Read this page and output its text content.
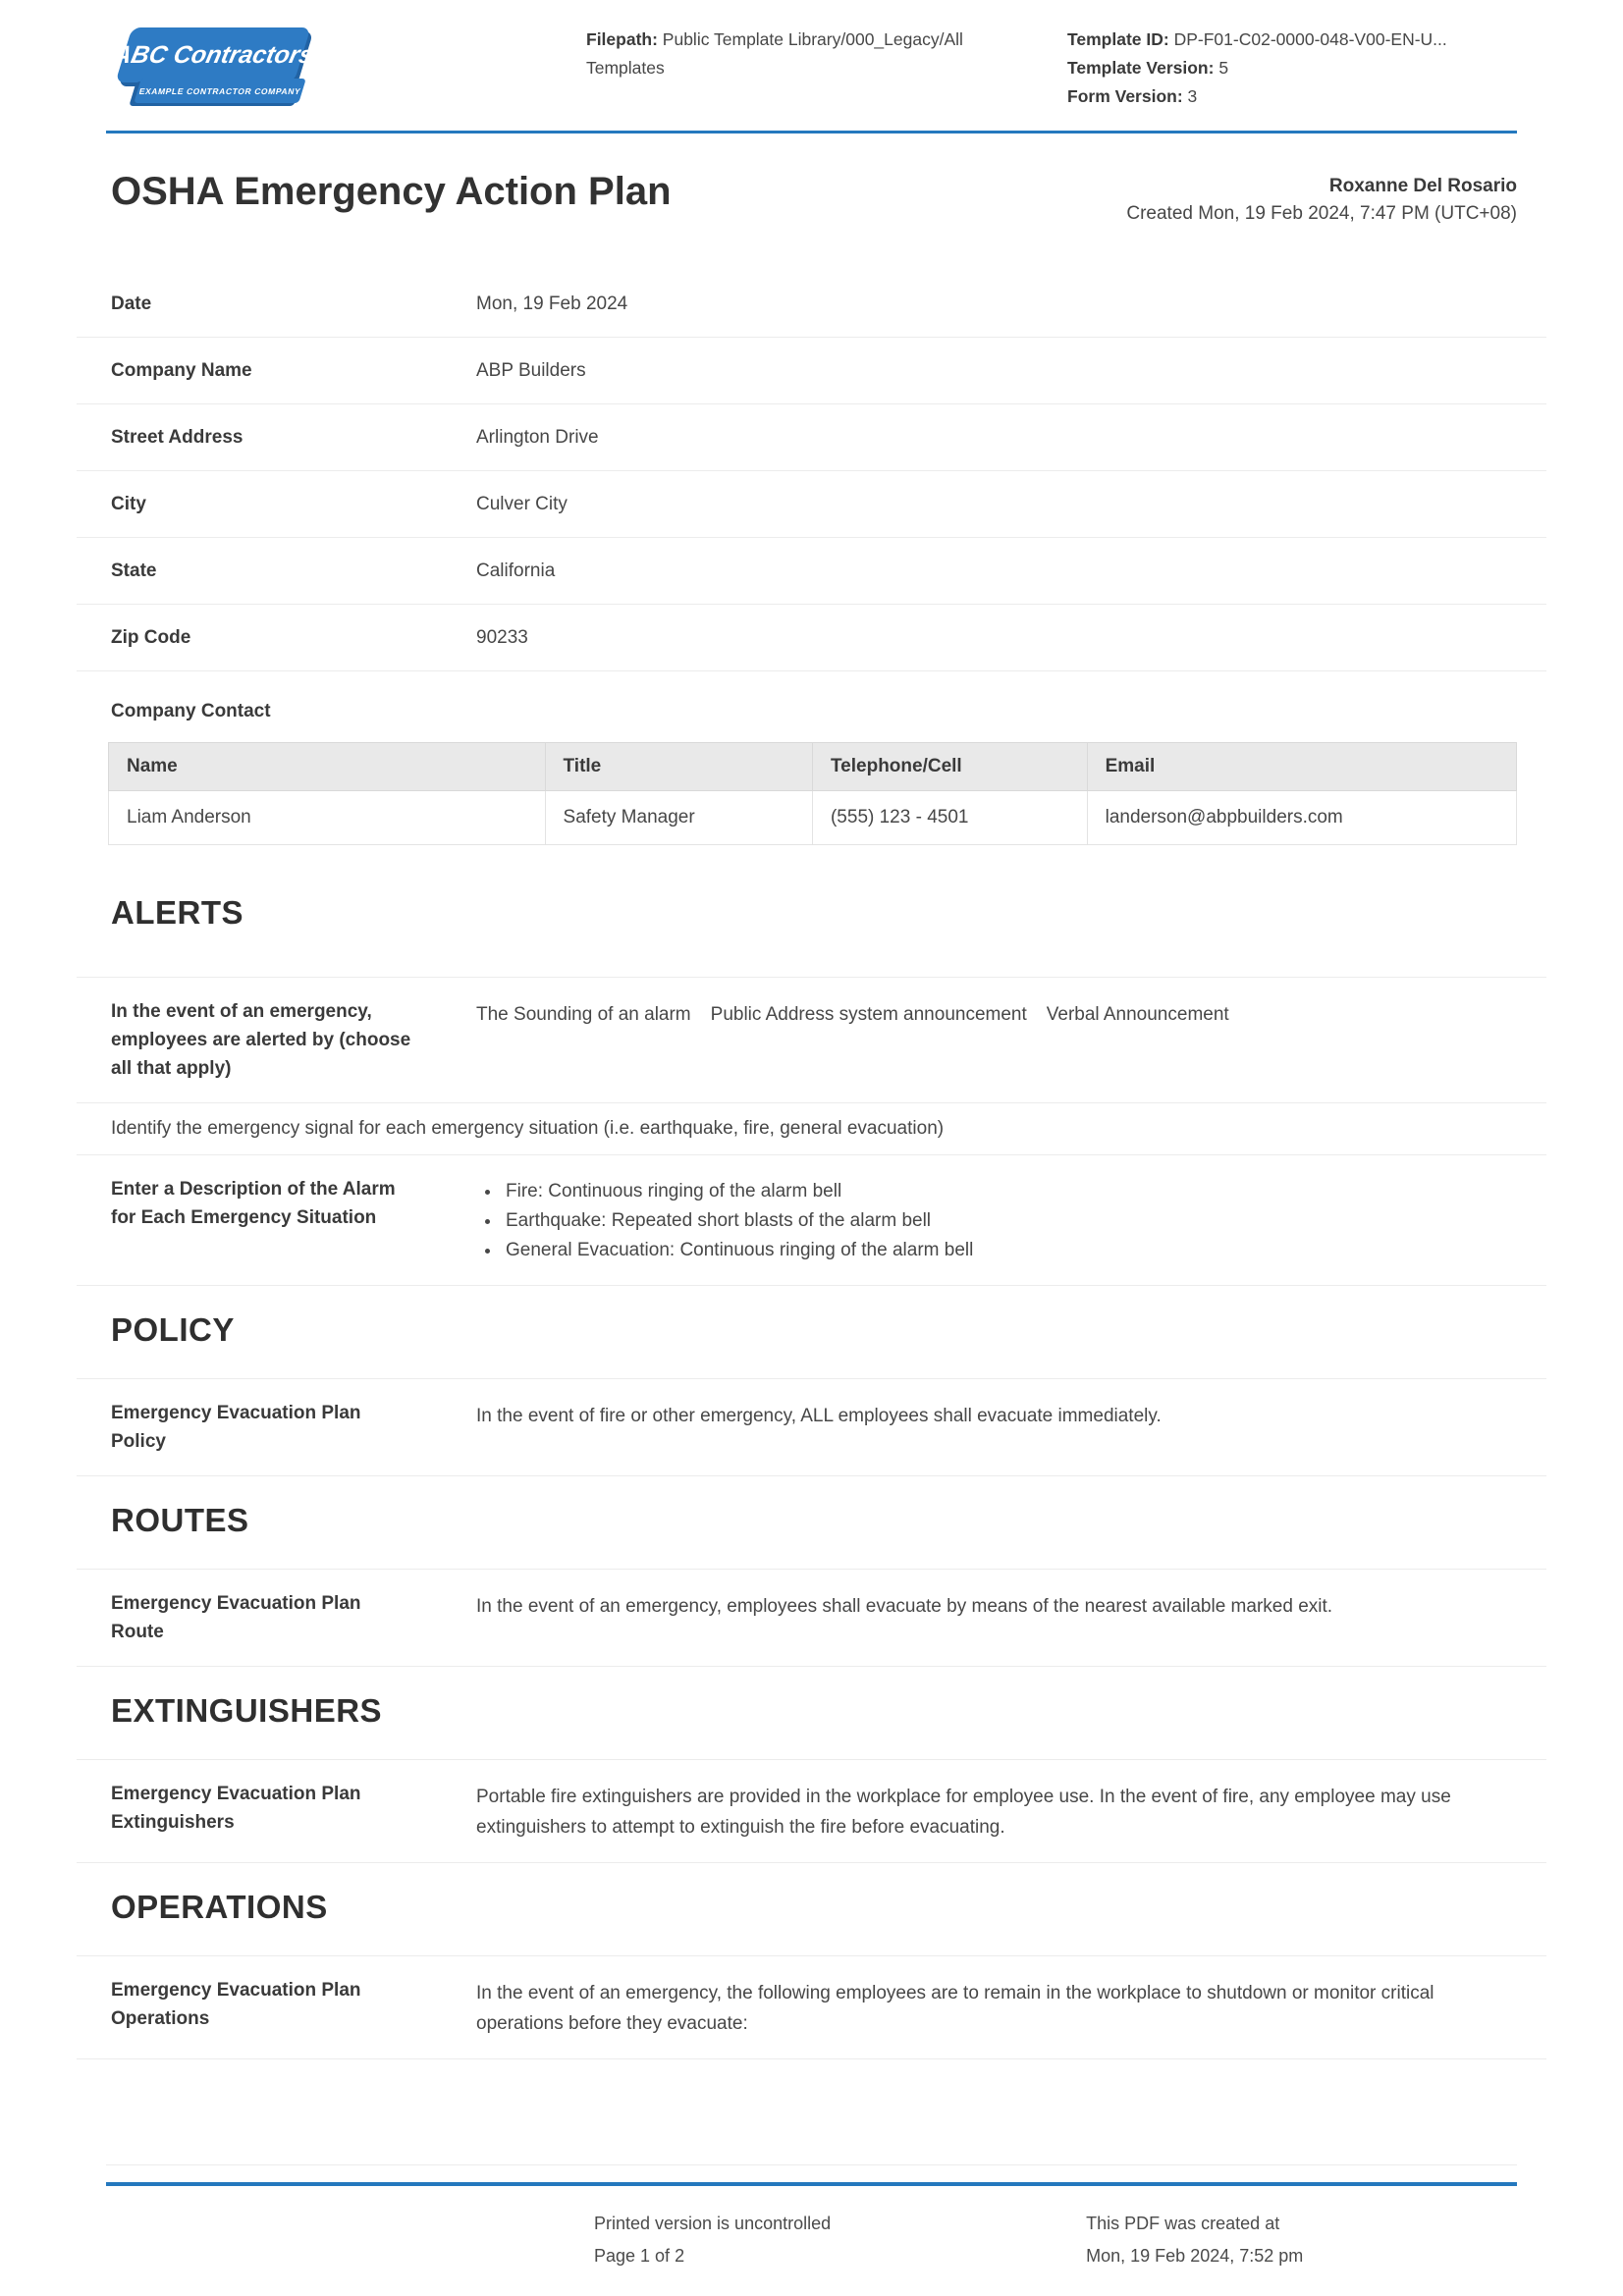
ABC Contractors
EXAMPLE CONTRACTOR COMPANY

Filepath: Public Template Library/000_Legacy/All Templates

Template ID: DP-F01-C02-0000-048-V00-EN-U...

Template Version: 5

Form Version: 3

OSHA Emergency Action Plan	Roxanne Del Rosario
Created Mon, 19 Feb 2024, 7:47 PM (UTC+08)
Date	Mon, 19 Feb 2024
Company Name	ABP Builders
Street Address	Arlington Drive
City	Culver City
State	California
Zip Code	90233
Company Contact
Name	Title	Telephone/Cell	Email
Liam Anderson	Safety Manager	(555) 123 - 4501	landerson@abpbuilders.com
ALERTS
In the event of an emergency, employees are alerted by (choose all that apply)
The Sounding of an alarm Public Address system announcement Verbal Announcement
Identify the emergency signal for each emergency situation (i.e. earthquake, fire, general evacuation)
Enter a Description of the Alarm for Each Emergency Situation
• Fire: Continuous ringing of the alarm bell
• Earthquake: Repeated short blasts of the alarm bell
• General Evacuation: Continuous ringing of the alarm bell
POLICY
Emergency Evacuation Plan Policy
In the event of fire or other emergency, ALL employees shall evacuate immediately.
ROUTES
Emergency Evacuation Plan Route
In the event of an emergency, employees shall evacuate by means of the nearest available marked exit.
EXTINGUISHERS
Emergency Evacuation Plan Extinguishers
Portable fire extinguishers are provided in the workplace for employee use. In the event of fire, any employee may use extinguishers to attempt to extinguish the fire before evacuating.
OPERATIONS
Emergency Evacuation Plan Operations
In the event of an emergency, the following employees are to remain in the workplace to shutdown or monitor critical operations before they evacuate:
Printed version is uncontrolled
Page 1 of 2
This PDF was created at
Mon, 19 Feb 2024, 7:52 pm
